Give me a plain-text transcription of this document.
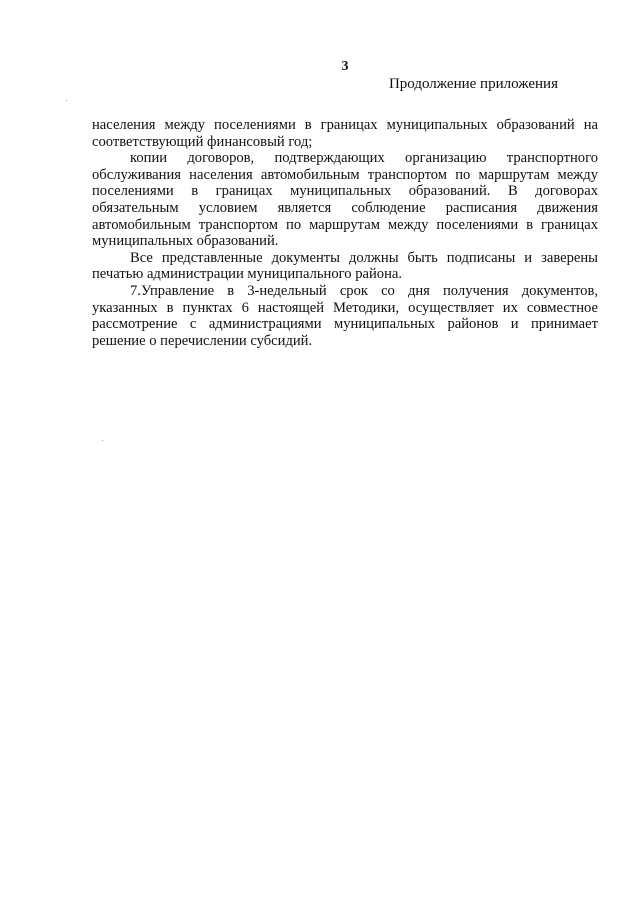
3
Продолжение приложения

населения между поселениями в границах муниципальных образований на соответствующий финансовый год;

копии договоров, подтверждающих организацию транспортного обслуживания населения автомобильным транспортом по маршрутам между поселениями в границах муниципальных образований. В договорах обязательным условием является соблюдение расписания движения автомобильным транспортом по маршрутам между поселениями в границах муниципальных образований.

Все представленные документы должны быть подписаны и заверены печатью администрации муниципального района.

7.Управление в 3-недельный срок со дня получения документов, указанных в пунктах 6 настоящей Методики, осуществляет их совместное рассмотрение с администрациями муниципальных районов и принимает решение о перечислении субсидий.
